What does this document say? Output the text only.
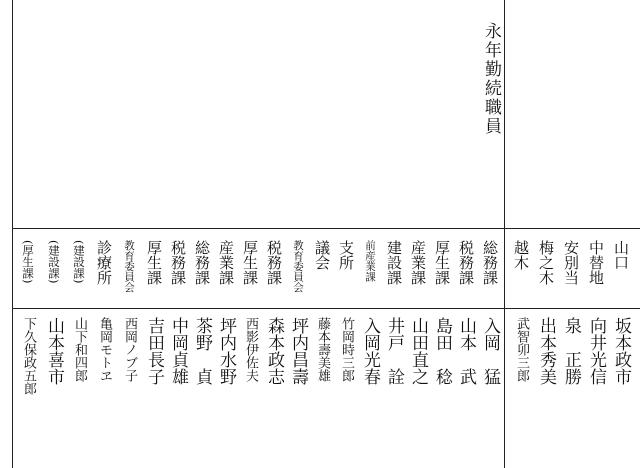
永年勤続職員
山口
坂本政市
中替地
向井光信
安別当
泉　正勝
梅之木
出本秀美
越木
武智卯三郎
総務課
入岡　猛
税務課
山本　武
厚生課
島田　稔
産業課
山田直之
建設課
井戸　詮
前産業課
入岡光春
支所
竹岡時三郎
議会
藤本壽美雄
教育委員会
坪内昌壽
税務課
森本政志
厚生課
西影伊佐夫
産業課
坪内水野
総務課
茶野　貞
税務課
中岡貞雄
厚生課
吉田長子
教育委員会
西岡ノブ子
診療所
亀岡モトヱ
(建設課)
山下和四郎
(建設課)
山本喜市
(厚生課)
下久保政五郎
